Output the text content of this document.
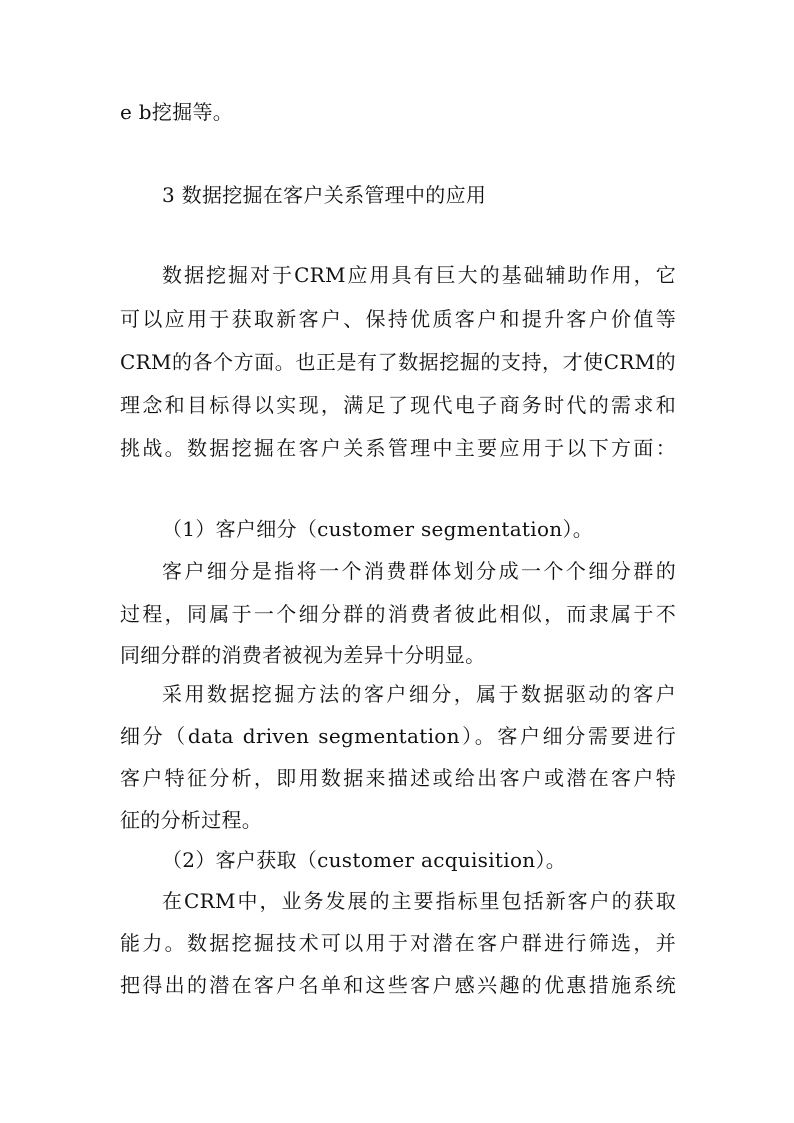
e b挖掘等。
3 数据挖掘在客户关系管理中的应用
数据挖掘对于CRM应用具有巨大的基础辅助作用，它
可以应用于获取新客户、保持优质客户和提升客户价值等
CRM的各个方面。也正是有了数据挖掘的支持，才使CRM的
理念和目标得以实现，满足了现代电子商务时代的需求和
挑战。数据挖掘在客户关系管理中主要应用于以下方面：
（1）客户细分（customer segmentation）。
客户细分是指将一个消费群体划分成一个个细分群的
过程，同属于一个细分群的消费者彼此相似，而隶属于不
同细分群的消费者被视为差异十分明显。
采用数据挖掘方法的客户细分，属于数据驱动的客户
细分（data driven segmentation）。客户细分需要进行
客户特征分析，即用数据来描述或给出客户或潜在客户特
征的分析过程。
（2）客户获取（customer acquisition）。
在CRM中，业务发展的主要指标里包括新客户的获取
能力。数据挖掘技术可以用于对潜在客户群进行筛选，并
把得出的潜在客户名单和这些客户感兴趣的优惠措施系统
